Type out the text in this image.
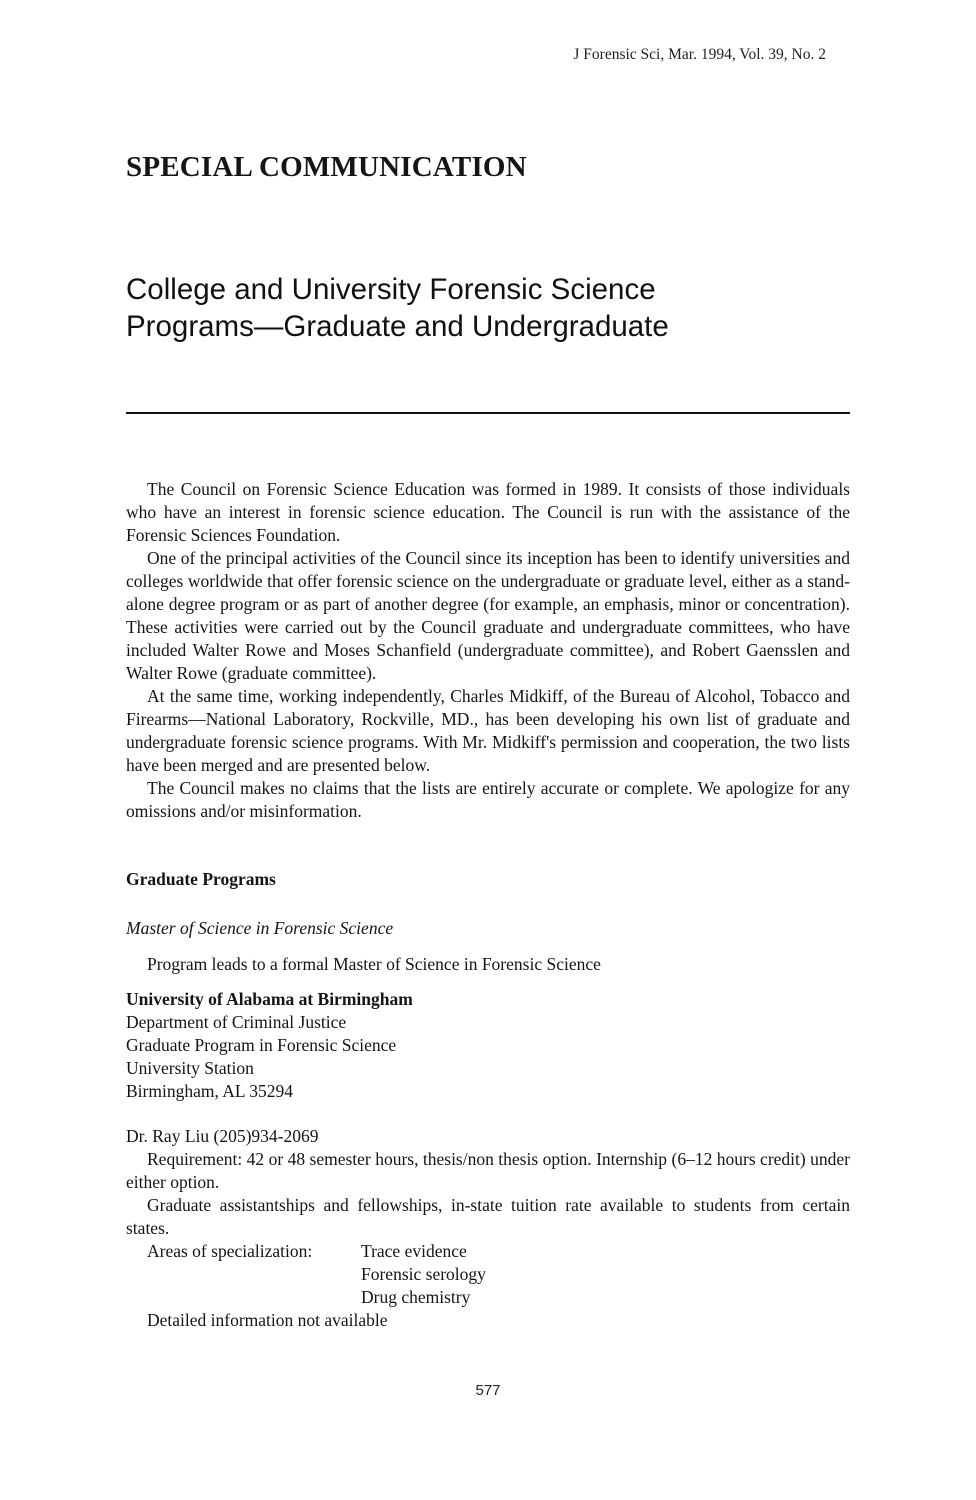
J Forensic Sci, Mar. 1994, Vol. 39, No. 2
SPECIAL COMMUNICATION
College and University Forensic Science
Programs—Graduate and Undergraduate

The Council on Forensic Science Education was formed in 1989. It consists of those individuals who have an interest in forensic science education. The Council is run with the assistance of the Forensic Sciences Foundation.

One of the principal activities of the Council since its inception has been to identify universities and colleges worldwide that offer forensic science on the undergraduate or graduate level, either as a stand-alone degree program or as part of another degree (for example, an emphasis, minor or concentration). These activities were carried out by the Council graduate and undergraduate committees, who have included Walter Rowe and Moses Schanfield (undergraduate committee), and Robert Gaensslen and Walter Rowe (graduate committee).

At the same time, working independently, Charles Midkiff, of the Bureau of Alcohol, Tobacco and Firearms—National Laboratory, Rockville, MD., has been developing his own list of graduate and undergraduate forensic science programs. With Mr. Midkiff's permission and cooperation, the two lists have been merged and are presented below.

The Council makes no claims that the lists are entirely accurate or complete. We apologize for any omissions and/or misinformation.

Graduate Programs
Master of Science in Forensic Science

Program leads to a formal Master of Science in Forensic Science

University of Alabama at Birmingham
Department of Criminal Justice
Graduate Program in Forensic Science
University Station
Birmingham, AL 35294
Dr. Ray Liu (205)934-2069

Requirement: 42 or 48 semester hours, thesis/non thesis option. Internship (6–12 hours credit) under either option.

Graduate assistantships and fellowships, in-state tuition rate available to students from certain states.

Areas of specialization:	Trace evidence
Forensic serology
Drug chemistry
Detailed information not available
577
